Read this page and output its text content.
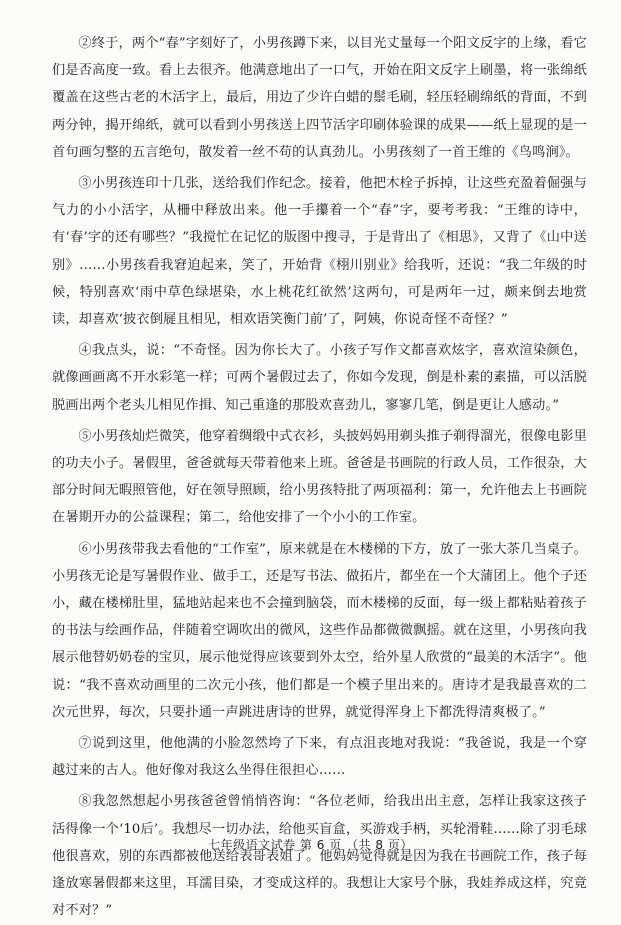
②终于，两个“春”字刻好了，小男孩蹲下来，以目光丈量每一个阳文反字的上缘，看它们是否高度一致。看上去很齐。他满意地出了一口气，开始在阳文反字上刷墨，将一张绵纸覆盖在这些古老的木活字上，最后，用边了少许白蜡的鬃毛刷，轻压轻刷绵纸的背面，不到两分钟，揭开绵纸，就可以看到小男孩送上四节活字印刷体验课的成果——纸上显现的是一首句画匀整的五言绝句，散发着一丝不苟的认真劲儿。小男孩刻了一首王维的《鸟鸣涧》。

③小男孩连印十几张，送给我们作纪念。接着，他把木栓子拆掉，让这些充盈着倔强与气力的小小活字，从柵中释放出来。他一手攥着一个“春”字，要考考我：“王维的诗中，有‘春’字的还有哪些？”我搅忙在记忆的版图中搜寻，于是背出了《相思》，又背了《山中送别》……小男孩看我窘迫起来，笑了，开始背《栩川别业》给我听，还说：“我二年级的时候，特别喜欢‘雨中草色绿堪染，水上桃花红欲然’这两句，可是两年一过，颇来倒去地赏读，却喜欢‘披衣倒屣且相见，相欢语笑衡门前’了，阿姨，你说奇怪不奇怪？”

④我点头，说：“不奇怪。因为你长大了。小孩子写作文都喜欢炫字，喜欢渲染颜色，就像画画离不开水彩笔一样；可两个暑假过去了，你如今发现，倒是朴素的素描，可以活脱脱画出两个老头儿相见作揖、知己重逢的那股欢喜劲儿，寥寥几笔，倒是更让人感动。”

⑤小男孩灿烂微笑，他穿着绸缎中式衣衫，头披妈妈用剃头推子剃得溜光，很像电影里的功夫小子。暑假里，爸爸就每天带着他来上班。爸爸是书画院的行政人员，工作很杂，大部分时间无暇照管他，好在领导照顾，给小男孩特批了两项福利：第一，允许他去上书画院在暑期开办的公益课程；第二，给他安排了一个小小的工作室。

⑥小男孩带我去看他的“工作室”，原来就是在木楼梯的下方，放了一张大茶几当桌子。小男孩无论是写暑假作业、做手工，还是写书法、做拓片，都坐在一个大蒲团上。他个子还小，藏在楼梯肚里，猛地站起来也不会撞到脑袋，而木楼梯的反面，每一级上都粘贴着孩子的书法与绘画作品，伴随着空调吹出的微风，这些作品都微微飘摇。就在这里，小男孩向我展示他替奶奶卷的宝贝，展示他觉得应该要到外太空，给外星人欣赏的“最美的木活字”。他说：“我不喜欢动画里的二次元小孩，他们都是一个模子里出来的。唐诗才是我最喜欢的二次元世界，每次，只要扑通一声跳进唐诗的世界，就觉得浑身上下都洗得清爽极了。”

⑦说到这里，他他满的小脸忽然垮了下来，有点沮丧地对我说：“我爸说，我是一个穿越过来的古人。他好像对我这么坐得住很担心……

⑧我忽然想起小男孩爸爸曾悄悄咨询：“各位老师，给我出出主意，怎样让我家这孩子活得像一个‘10后’。我想尽一切办法，给他买盲盒，买游戏手柄，买轮滑鞋……除了羽毛球他很喜欢，别的东西都被他送给表哥表姐了。他妈妈觉得就是因为我在书画院工作，孩子每逢放寒暑假都来这里，耳濡目染，才变成这样的。我想让大家号个脉，我娃养成这样，究竟对不对？”

七年级语文试卷 第 6 页 （共 8 页）
